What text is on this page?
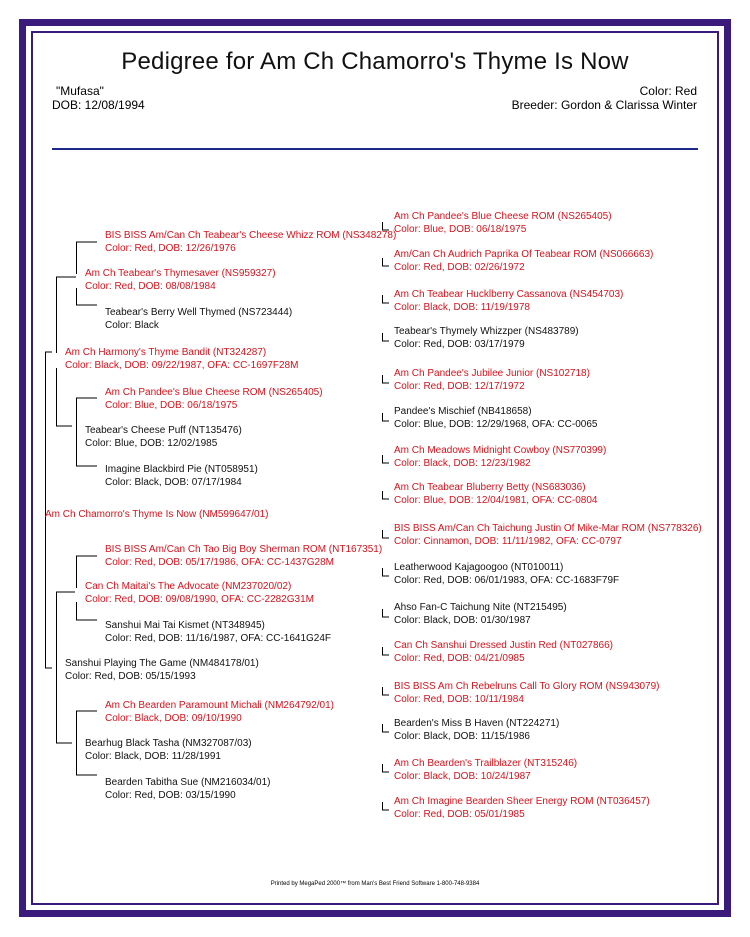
Pedigree for Am Ch Chamorro's Thyme Is Now
"Mufasa"
DOB: 12/08/1994
Color: Red
Breeder: Gordon & Clarissa Winter
Am Ch Chamorro's Thyme Is Now (NM599647/01)
Am Ch Harmony's Thyme Bandit (NT324287)
Color: Black, DOB: 09/22/1987, OFA: CC-1697F28M
Sanshui Playing The Game (NM484178/01)
Color: Red, DOB: 05/15/1993
Am Ch Teabear's Thymesaver (NS959327)
Color: Red, DOB: 08/08/1984
Teabear's Cheese Puff (NT135476)
Color: Blue, DOB: 12/02/1985
Can Ch Maitai's The Advocate (NM237020/02)
Color: Red, DOB: 09/08/1990, OFA: CC-2282G31M
Bearhug Black Tasha (NM327087/03)
Color: Black, DOB: 11/28/1991
BIS BISS Am/Can Ch Teabear's Cheese Whizz ROM (NS348278)
Color: Red, DOB: 12/26/1976
Teabear's Berry Well Thymed (NS723444)
Color: Black
Am Ch Pandee's Blue Cheese ROM (NS265405)
Color: Blue, DOB: 06/18/1975
Imagine Blackbird Pie (NT058951)
Color: Black, DOB: 07/17/1984
BIS BISS Am/Can Ch Tao Big Boy Sherman ROM (NT167351)
Color: Red, DOB: 05/17/1986, OFA: CC-1437G28M
Sanshui Mai Tai Kismet (NT348945)
Color: Red, DOB: 11/16/1987, OFA: CC-1641G24F
Am Ch Bearden Paramount Michali (NM264792/01)
Color: Black, DOB: 09/10/1990
Bearden Tabitha Sue (NM216034/01)
Color: Red, DOB: 03/15/1990
Am Ch Pandee's Blue Cheese ROM (NS265405)
Color: Blue, DOB: 06/18/1975
Am/Can Ch Audrich Paprika Of Teabear ROM (NS066663)
Color: Red, DOB: 02/26/1972
Am Ch Teabear Hucklberry Cassanova (NS454703)
Color: Black, DOB: 11/19/1978
Teabear's Thymely Whizzper (NS483789)
Color: Red, DOB: 03/17/1979
Am Ch Pandee's Jubilee Junior (NS102718)
Color: Red, DOB: 12/17/1972
Pandee's Mischief (NB418658)
Color: Blue, DOB: 12/29/1968, OFA: CC-0065
Am Ch Meadows Midnight Cowboy (NS770399)
Color: Black, DOB: 12/23/1982
Am Ch Teabear Bluberry Betty (NS683036)
Color: Blue, DOB: 12/04/1981, OFA: CC-0804
BIS BISS Am/Can Ch Taichung Justin Of Mike-Mar ROM (NS778326)
Color: Cinnamon, DOB: 11/11/1982, OFA: CC-0797
Leatherwood Kajagoogoo (NT010011)
Color: Red, DOB: 06/01/1983, OFA: CC-1683F79F
Ahso Fan-C Taichung Nite (NT215495)
Color: Black, DOB: 01/30/1987
Can Ch Sanshui Dressed Justin Red (NT027866)
Color: Red, DOB: 04/21/0985
BIS BISS Am Ch Rebelruns Call To Glory ROM (NS943079)
Color: Red, DOB: 10/11/1984
Bearden's Miss B Haven (NT224271)
Color: Black, DOB: 11/15/1986
Am Ch Bearden's Trailblazer (NT315246)
Color: Black, DOB: 10/24/1987
Am Ch Imagine Bearden Sheer Energy ROM (NT036457)
Color: Red, DOB: 05/01/1985
Printed by MegaPed 2000™ from Man's Best Friend Software 1-800-748-9384
